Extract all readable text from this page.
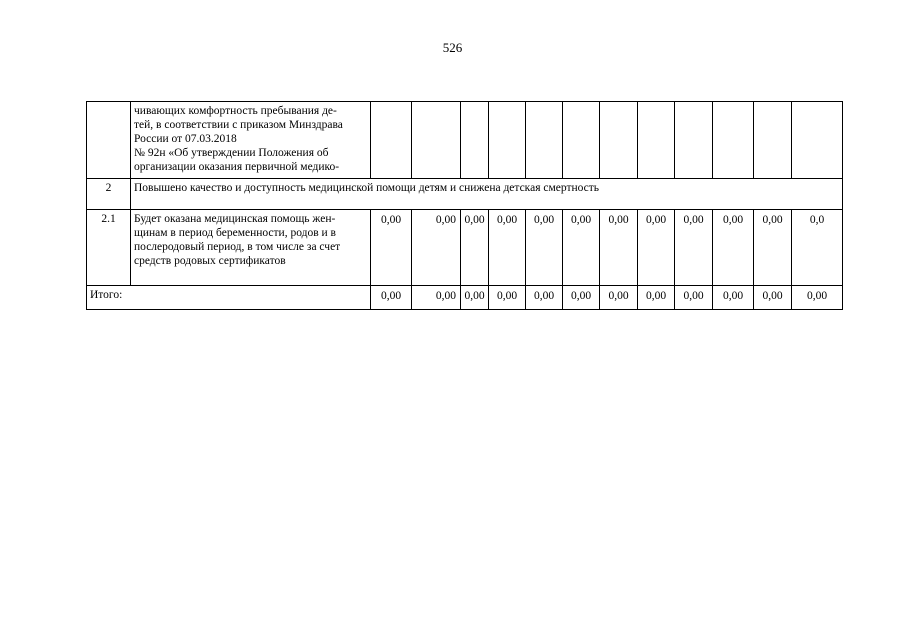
526

	чивающих комфортность пребывания де-
тей, в соответствии с приказом Минздрава
России от 07.03.2018
№ 92н «Об утверждении Положения об
организации оказания первичной медико-												

2	Повышено качество и доступность медицинской помощи детям и снижена детская смертность												
2.1	Будет оказана медицинская помощь жен-
щинам в период беременности, родов и в
послеродовый период, в том числе за счет
средств родовых сертификатов	0,00	0,00	0,00	0,00	0,00	0,00	0,00	0,00	0,00	0,00	0,00	0,0
Итого:		0,00	0,00	0,00	0,00	0,00	0,00	0,00	0,00	0,00	0,00	0,00	0,00
